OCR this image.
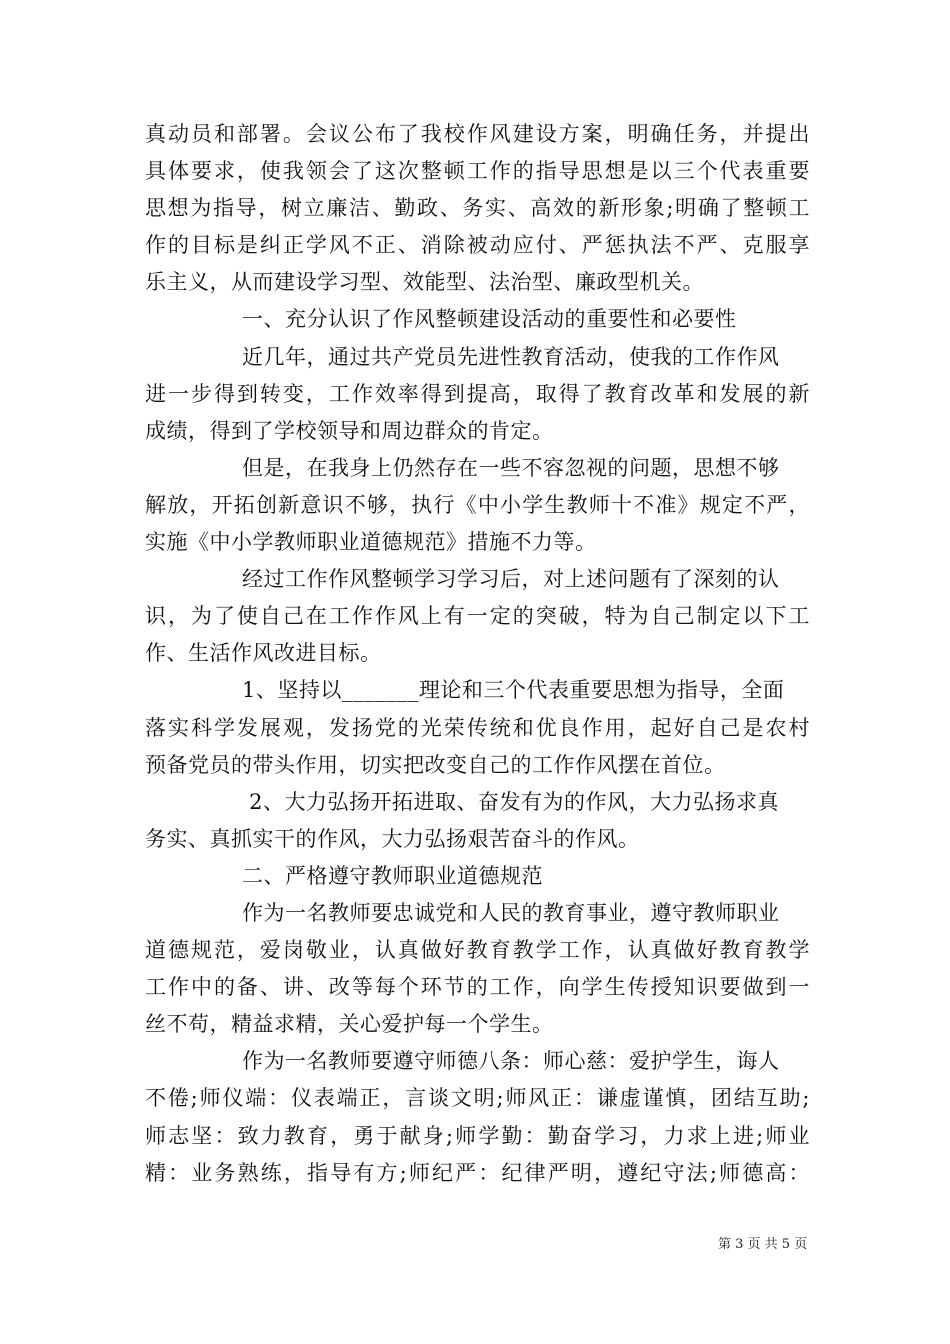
真动员和部署。会议公布了我校作风建设方案，明确任务，并提出
具体要求，使我领会了这次整顿工作的指导思想是以三个代表重要
思想为指导，树立廉洁、勤政、务实、高效的新形象;明确了整顿工
作的目标是纠正学风不正、消除被动应付、严惩执法不严、克服享
乐主义，从而建设学习型、效能型、法治型、廉政型机关。
一、充分认识了作风整顿建设活动的重要性和必要性
近几年，通过共产党员先进性教育活动，使我的工作作风
进一步得到转变，工作效率得到提高，取得了教育改革和发展的新
成绩，得到了学校领导和周边群众的肯定。
但是，在我身上仍然存在一些不容忽视的问题，思想不够
解放，开拓创新意识不够，执行《中小学生教师十不准》规定不严，
实施《中小学教师职业道德规范》措施不力等。
经过工作作风整顿学习学习后，对上述问题有了深刻的认
识，为了使自己在工作作风上有一定的突破，特为自己制定以下工
作、生活作风改进目标。
1、坚持以_______理论和三个代表重要思想为指导，全面
落实科学发展观，发扬党的光荣传统和优良作用，起好自己是农村
预备党员的带头作用，切实把改变自己的工作作风摆在首位。
2、大力弘扬开拓进取、奋发有为的作风，大力弘扬求真
务实、真抓实干的作风，大力弘扬艰苦奋斗的作风。
二、严格遵守教师职业道德规范
作为一名教师要忠诚党和人民的教育事业，遵守教师职业
道德规范，爱岗敬业，认真做好教育教学工作，认真做好教育教学
工作中的备、讲、改等每个环节的工作，向学生传授知识要做到一
丝不苟，精益求精，关心爱护每一个学生。
作为一名教师要遵守师德八条：师心慈：爱护学生，诲人
不倦;师仪端：仪表端正，言谈文明;师风正：谦虚谨慎，团结互助;
师志坚：致力教育，勇于献身;师学勤：勤奋学习，力求上进;师业
精：业务熟练，指导有方;师纪严：纪律严明，遵纪守法;师德高：
第 3 页 共 5 页
